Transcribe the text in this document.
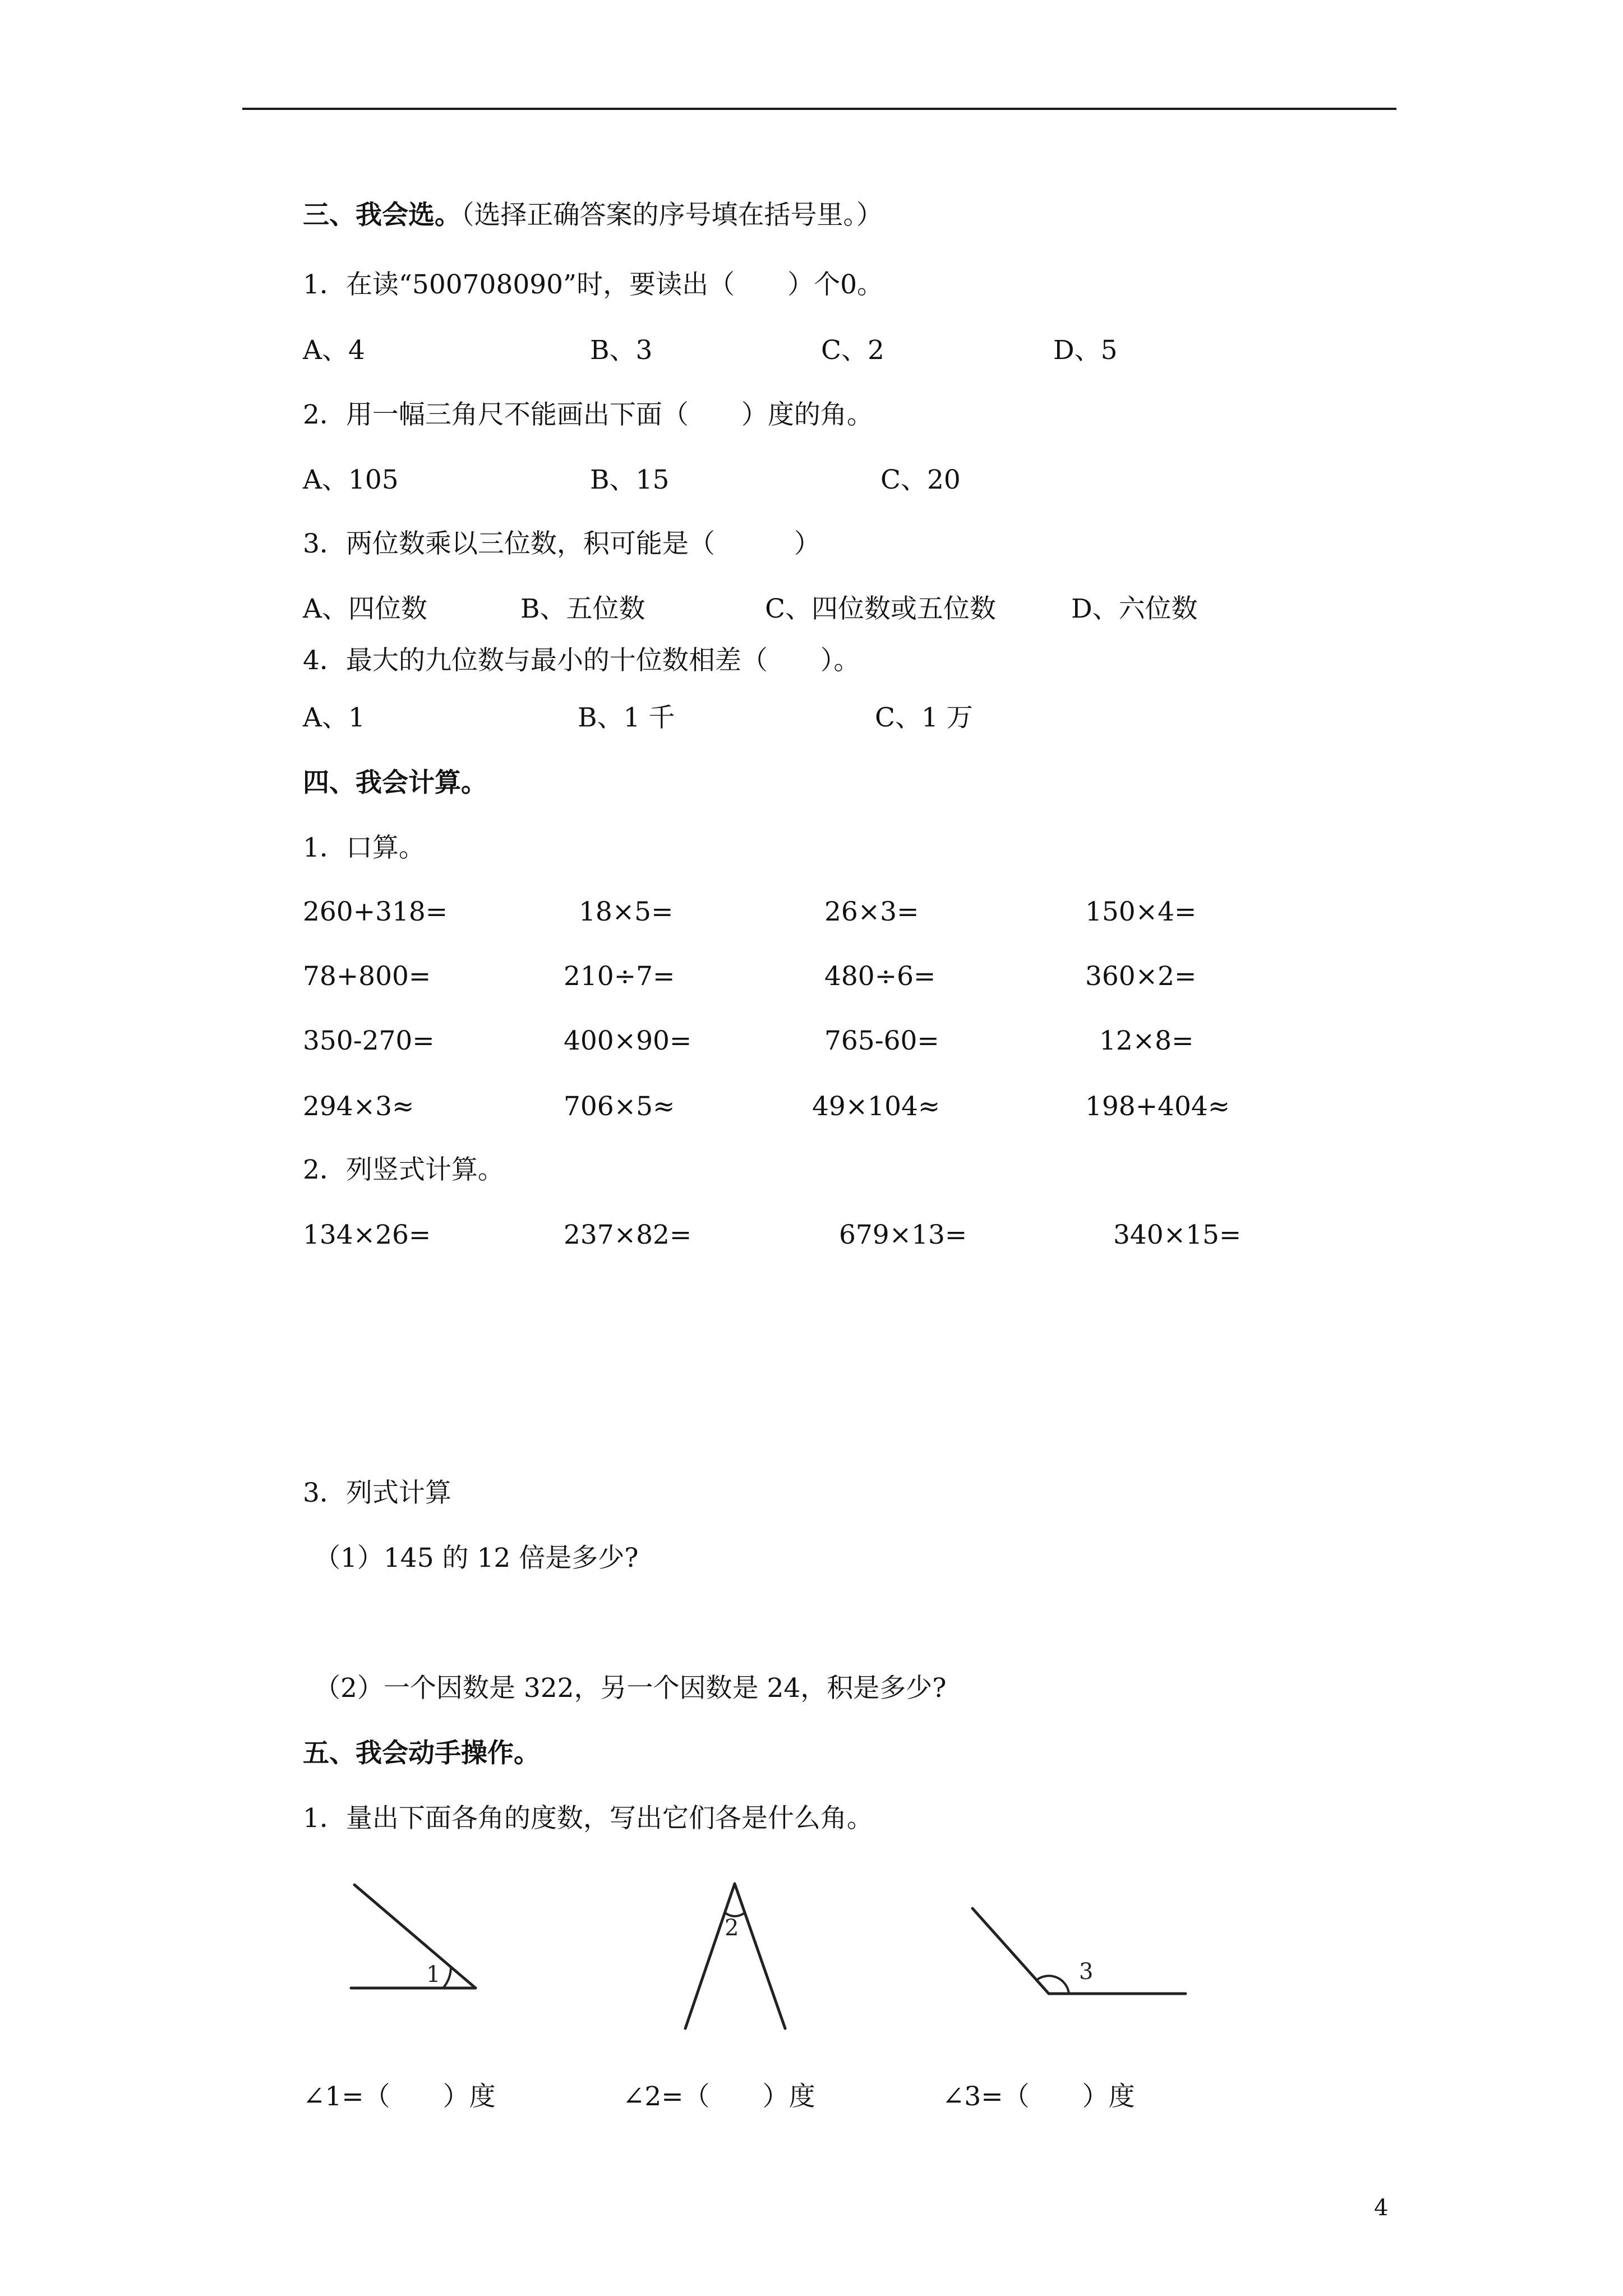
三、我会选。（选择正确答案的序号填在括号里。）
1．在读“500708090”时，要读出（　　）个0。
A、4	B、3	C、2	D、5
2．用一幅三角尺不能画出下面（　　）度的角。
A、105	B、15	C、20
3．两位数乘以三位数，积可能是（　　　）
A、四位数	B、五位数	C、四位数或五位数	D、六位数
4．最大的九位数与最小的十位数相差（　　）。
A、1	B、1 千	C、1 万
四、我会计算。
1．口算。
260+318=	18×5=	26×3=	150×4=
78+800=	210÷7=	480÷6=	360×2=
350-270=	400×90=	765-60=	12×8=
294×3≈	706×5≈	49×104≈	198+404≈
2．列竖式计算。
134×26=	237×82=	679×13=	340×15=
3．列式计算
（1）145 的 12 倍是多少?
（2）一个因数是 322，另一个因数是 24，积是多少?
五、我会动手操作。
1．量出下面各角的度数，写出它们各是什么角。
1
2
3
∠1=（　　）度	∠2=（　　）度	∠3=（　　）度
4
